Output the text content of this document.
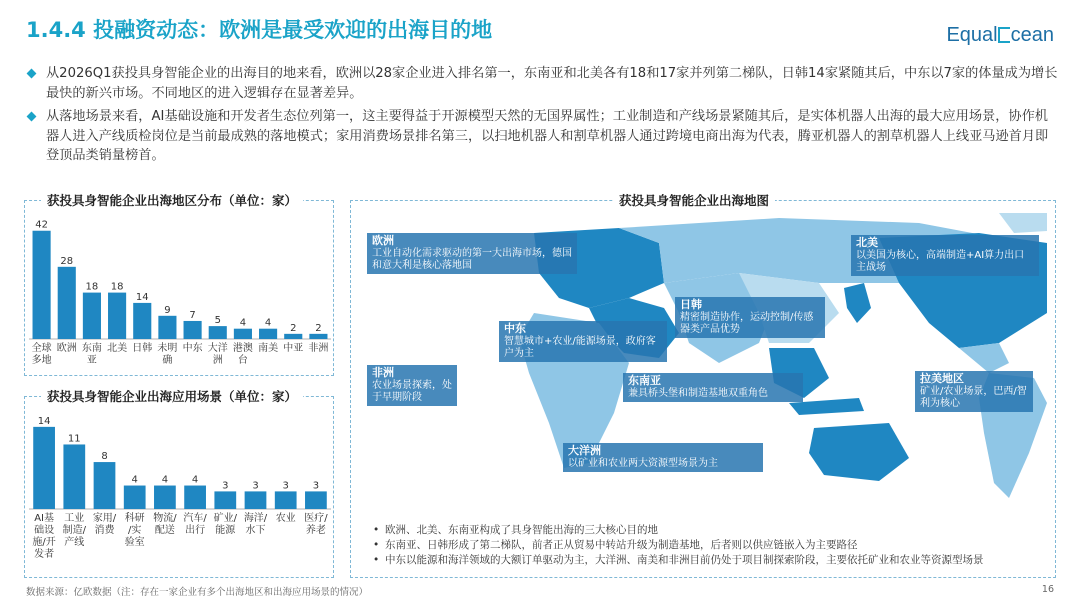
1.4.4 投融资动态：欧洲是最受欢迎的出海目的地	Equal cean
从2026Q1获投具身智能企业的出海目的地来看，欧洲以28家企业进入排名第一，东南亚和北美各有18和17家并列第二梯队，日韩14家紧随其后，中东以7家的体量成为增长最快的新兴市场。不同地区的进入逻辑存在显著差异。
从落地场景来看，AI基础设施和开发者生态位列第一，这主要得益于开源模型天然的无国界属性；工业制造和产线场景紧随其后，是实体机器人出海的最大应用场景，协作机器人进入产线质检岗位是当前最成熟的落地模式；家用消费场景排名第三，以扫地机器人和割草机器人通过跨境电商出海为代表，腾亚机器人的割草机器人上线亚马逊首月即登顶品类销量榜首。
42
全球
多地
28
欧洲
18
东南
亚
18
北美
14
日韩
9
未明
确
7
中东
5
大洋
洲
4
港澳
台
4
南美
2
中亚
2
非洲
获投具身智能企业出海地区分布（单位：家）
14
AI基
础设
施/开
发者
11
工业
制造/
产线
8
家用/
消费
4
科研
/实
验室
4
物流/
配送
4
汽车/
出行
3
矿业/
能源
3
海洋/
水下
3
农业
3
医疗/
养老
获投具身智能企业出海应用场景（单位：家）
获投具身智能企业出海地图
欧洲
工业自动化需求驱动的第一大出海市场，德国和意大利是核心落地国
北美
以美国为核心，高端制造+AI算力出口主战场
日韩
精密制造协作，运动控制/传感器类产品优势
中东
智慧城市+农业/能源场景，政府客户为主
非洲
农业场景探索，处于早期阶段
东南亚
兼具桥头堡和制造基地双重角色
拉美地区
矿业/农业场景，巴西/智利为核心
大洋洲
以矿业和农业两大资源型场景为主
• 欧洲、北美、东南亚构成了具身智能出海的三大核心目的地
• 东南亚、日韩形成了第二梯队，前者正从贸易中转站升级为制造基地，后者则以供应链嵌入为主要路径
• 中东以能源和海洋领域的大额订单驱动为主，大洋洲、南美和非洲目前仍处于项目制探索阶段，主要依托矿业和农业等资源型场景
数据来源：亿欧数据（注：存在一家企业有多个出海地区和出海应用场景的情况）	16
